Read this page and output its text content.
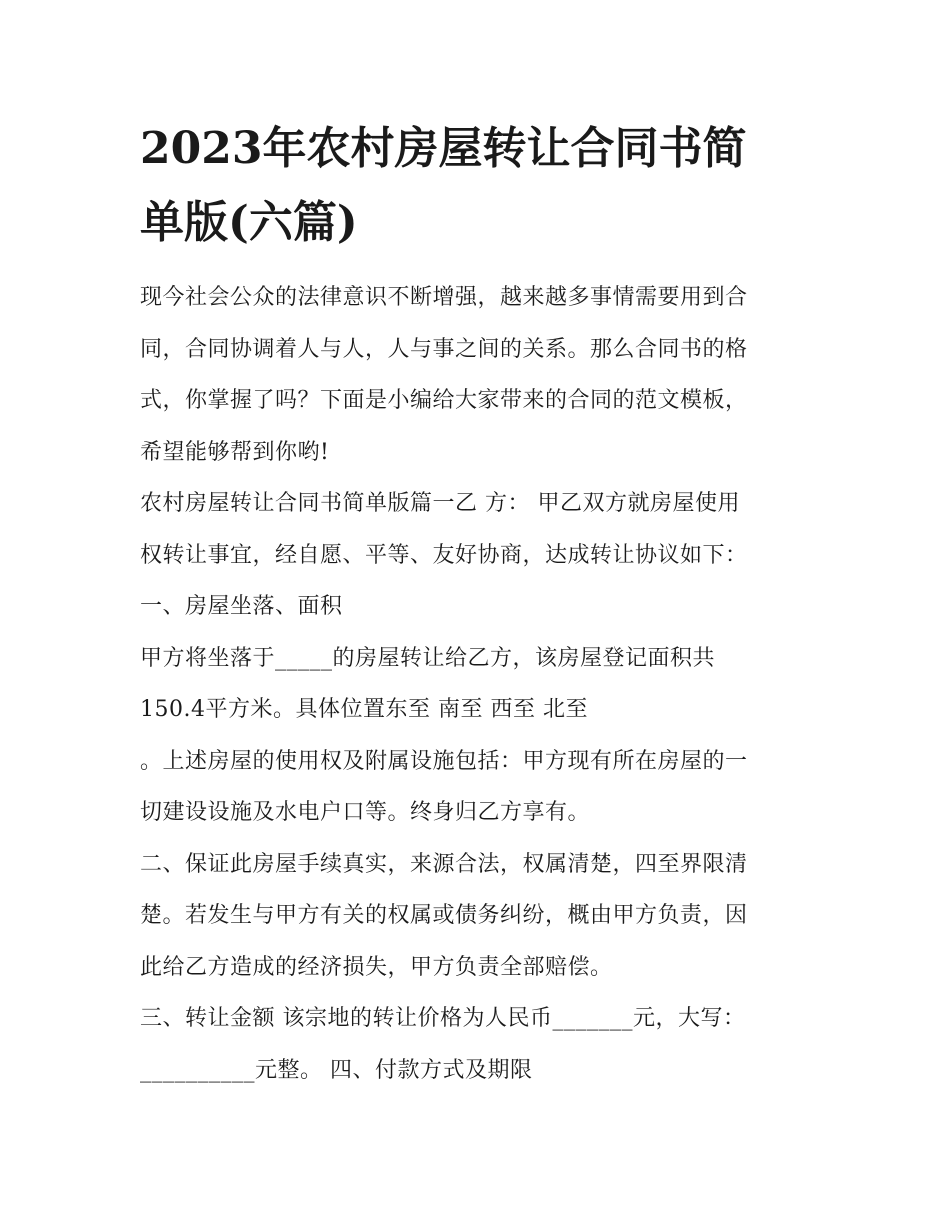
2023年农村房屋转让合同书简
单版(六篇)
现今社会公众的法律意识不断增强，越来越多事情需要用到合
同，合同协调着人与人，人与事之间的关系。那么合同书的格
式，你掌握了吗？下面是小编给大家带来的合同的范文模板，
希望能够帮到你哟!
农村房屋转让合同书简单版篇一乙 方： 甲乙双方就房屋使用
权转让事宜，经自愿、平等、友好协商，达成转让协议如下：
一、房屋坐落、面积
甲方将坐落于_____的房屋转让给乙方，该房屋登记面积共
150.4平方米。具体位置东至 南至 西至 北至
。上述房屋的使用权及附属设施包括：甲方现有所在房屋的一
切建设设施及水电户口等。终身归乙方享有。
二、保证此房屋手续真实，来源合法，权属清楚，四至界限清
楚。若发生与甲方有关的权属或债务纠纷，概由甲方负责，因
此给乙方造成的经济损失，甲方负责全部赔偿。
三、转让金额 该宗地的转让价格为人民币_______元，大写：
__________元整。 四、付款方式及期限
